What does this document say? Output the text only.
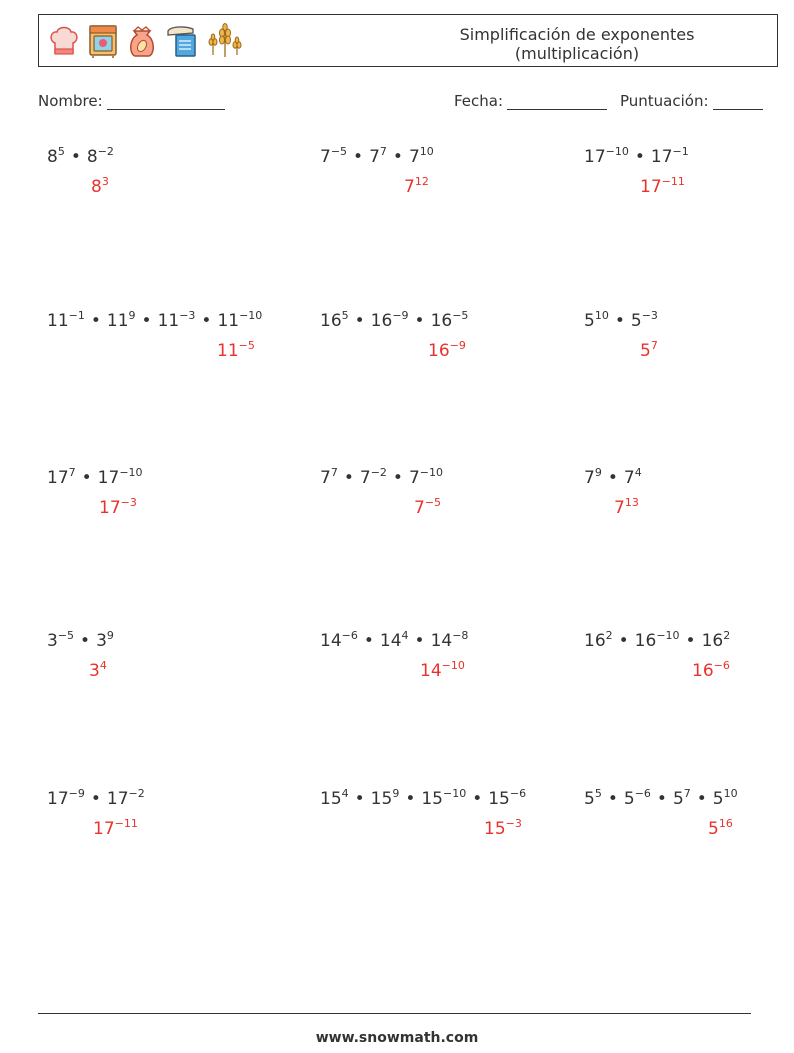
Simplificación de exponentes
(multiplicación)
Nombre:	Fecha:	Puntuación:
$8^5$ • $8^{-2}$
$8^3$
$7^{-5}$ • $7^7$ • $7^{10}$
$7^{12}$
$17^{-10}$ • $17^{-1}$
$17^{-11}$
$11^{-1}$ • $11^9$ • $11^{-3}$ • $11^{-10}$
$11^{-5}$
$16^5$ • $16^{-9}$ • $16^{-5}$
$16^{-9}$
$5^{10}$ • $5^{-3}$
$5^7$
$17^7$ • $17^{-10}$
$17^{-3}$
$7^7$ • $7^{-2}$ • $7^{-10}$
$7^{-5}$
$7^9$ • $7^4$
$7^{13}$
$3^{-5}$ • $3^9$
$3^4$
$14^{-6}$ • $14^4$ • $14^{-8}$
$14^{-10}$
$16^2$ • $16^{-10}$ • $16^2$
$16^{-6}$
$17^{-9}$ • $17^{-2}$
$17^{-11}$
$15^4$ • $15^9$ • $15^{-10}$ • $15^{-6}$
$15^{-3}$
$5^5$ • $5^{-6}$ • $5^7$ • $5^{10}$
$5^{16}$
www.snowmath.com
